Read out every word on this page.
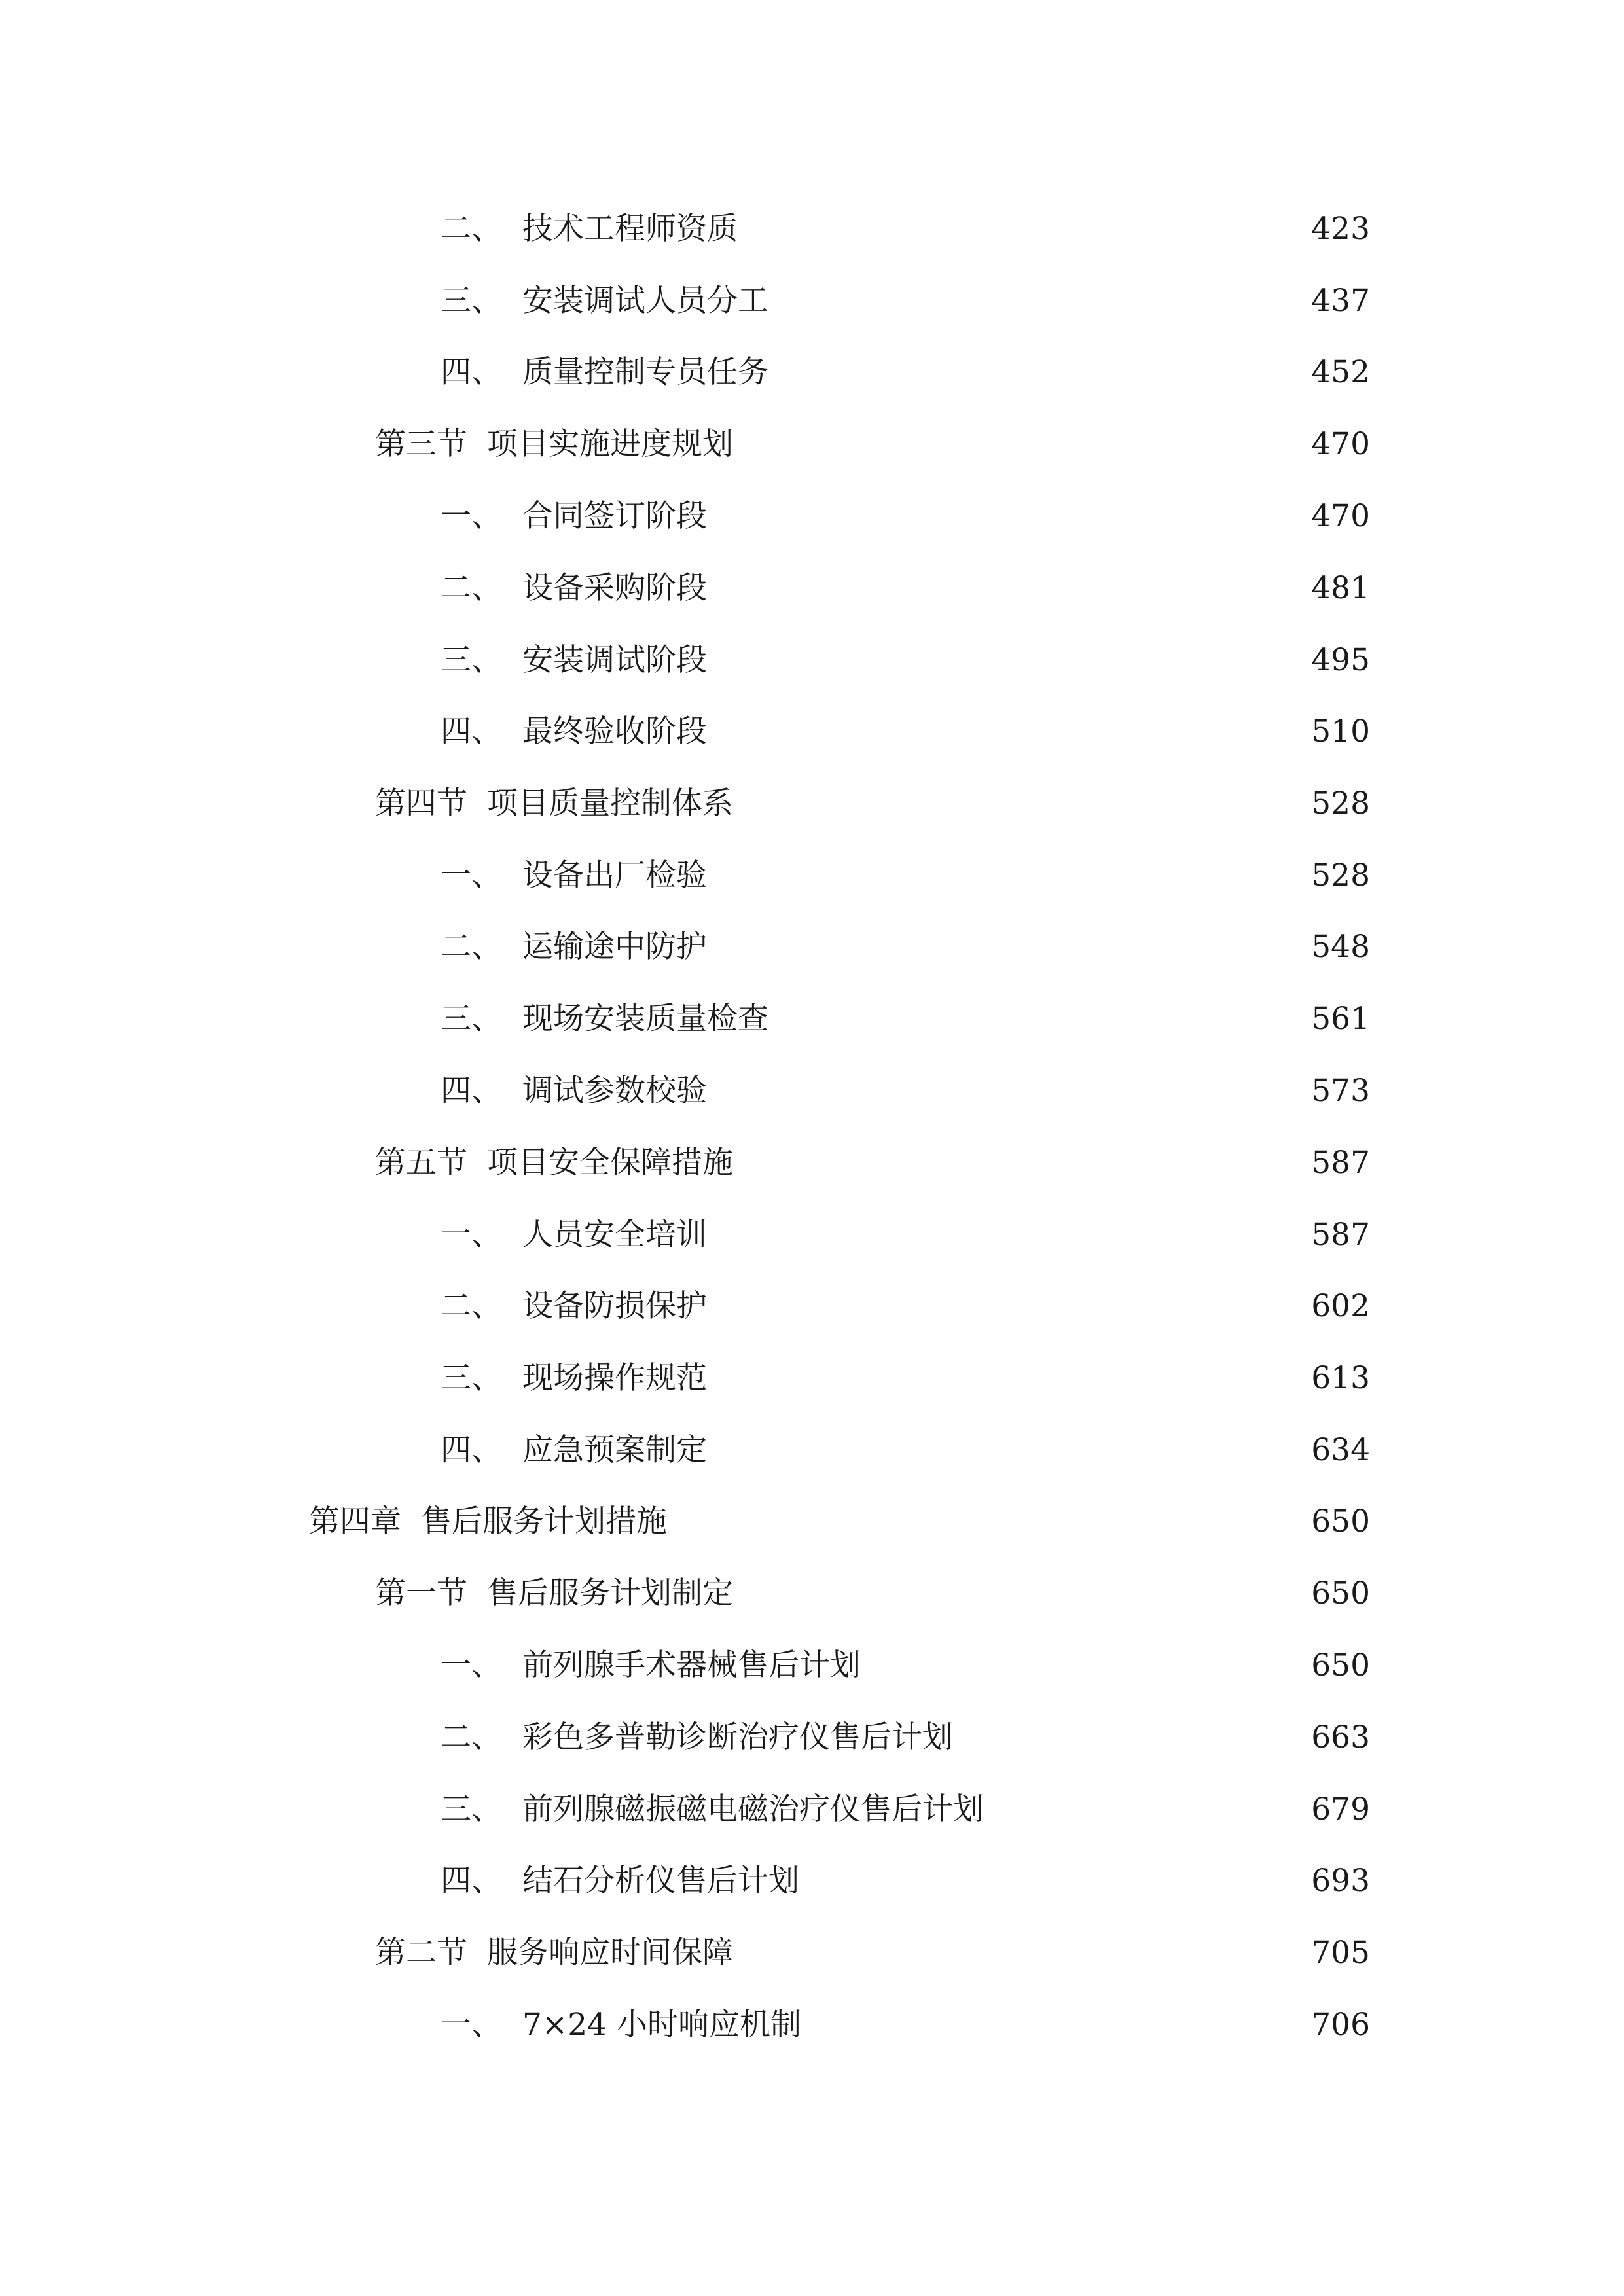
二、 技术工程师资质	423
三、 安装调试人员分工	437
四、 质量控制专员任务	452
第三节 项目实施进度规划	470
一、 合同签订阶段	470
二、 设备采购阶段	481
三、 安装调试阶段	495
四、 最终验收阶段	510
第四节 项目质量控制体系	528
一、 设备出厂检验	528
二、 运输途中防护	548
三、 现场安装质量检查	561
四、 调试参数校验	573
第五节 项目安全保障措施	587
一、 人员安全培训	587
二、 设备防损保护	602
三、 现场操作规范	613
四、 应急预案制定	634
第四章 售后服务计划措施	650
第一节 售后服务计划制定	650
一、 前列腺手术器械售后计划	650
二、 彩色多普勒诊断治疗仪售后计划	663
三、 前列腺磁振磁电磁治疗仪售后计划	679
四、 结石分析仪售后计划	693
第二节 服务响应时间保障	705
一、 7×24 小时响应机制	706
